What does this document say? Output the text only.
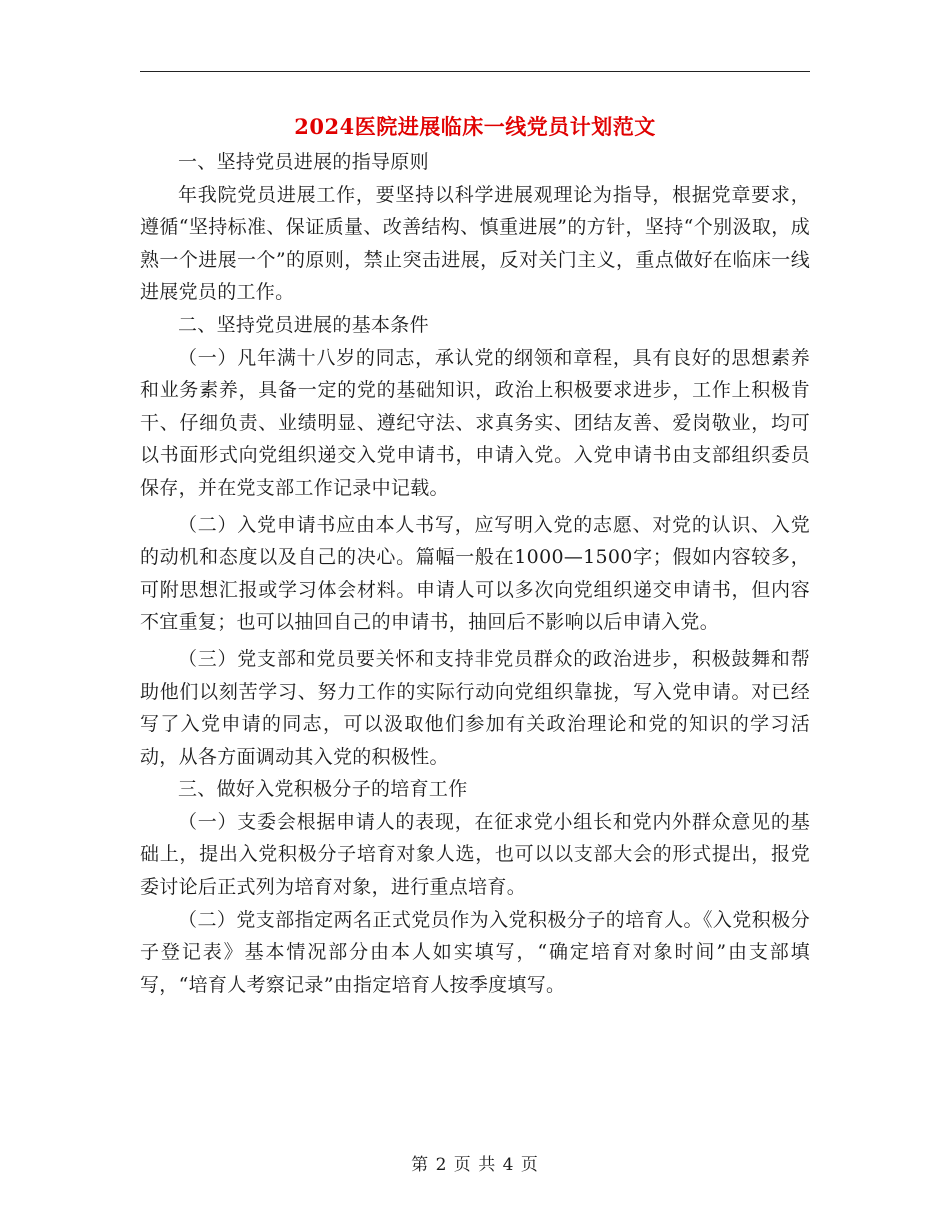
2024医院进展临床一线党员计划范文

一、坚持党员进展的指导原则

年我院党员进展工作，要坚持以科学进展观理论为指导，根据党章要求，遵循“坚持标准、保证质量、改善结构、慎重进展”的方针，坚持“个别汲取，成熟一个进展一个”的原则，禁止突击进展，反对关门主义，重点做好在临床一线进展党员的工作。

二、坚持党员进展的基本条件

（一）凡年满十八岁的同志，承认党的纲领和章程，具有良好的思想素养和业务素养，具备一定的党的基础知识，政治上积极要求进步，工作上积极肯干、仔细负责、业绩明显、遵纪守法、求真务实、团结友善、爱岗敬业，均可以书面形式向党组织递交入党申请书，申请入党。入党申请书由支部组织委员保存，并在党支部工作记录中记载。

（二）入党申请书应由本人书写，应写明入党的志愿、对党的认识、入党的动机和态度以及自己的决心。篇幅一般在1000—1500字；假如内容较多，可附思想汇报或学习体会材料。申请人可以多次向党组织递交申请书，但内容不宜重复；也可以抽回自己的申请书，抽回后不影响以后申请入党。

（三）党支部和党员要关怀和支持非党员群众的政治进步，积极鼓舞和帮助他们以刻苦学习、努力工作的实际行动向党组织靠拢，写入党申请。对已经写了入党申请的同志，可以汲取他们参加有关政治理论和党的知识的学习活动，从各方面调动其入党的积极性。

三、做好入党积极分子的培育工作

（一）支委会根据申请人的表现，在征求党小组长和党内外群众意见的基础上，提出入党积极分子培育对象人选，也可以以支部大会的形式提出，报党委讨论后正式列为培育对象，进行重点培育。

（二）党支部指定两名正式党员作为入党积极分子的培育人。《入党积极分子登记表》基本情况部分由本人如实填写，“确定培育对象时间”由支部填写，“培育人考察记录”由指定培育人按季度填写。

第 2 页 共 4 页
